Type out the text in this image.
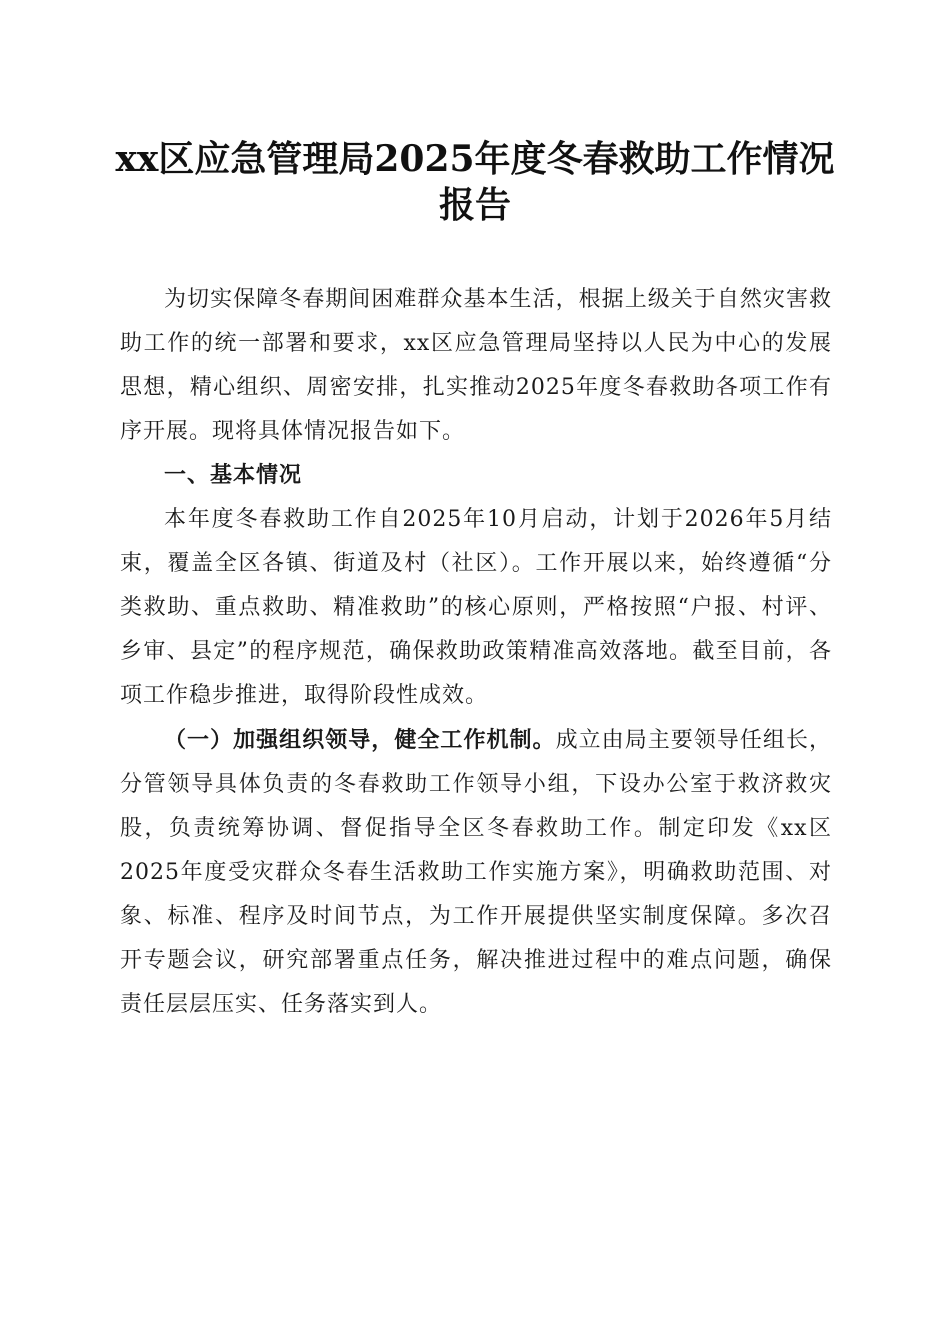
xx区应急管理局2025年度冬春救助工作情况
报告

为切实保障冬春期间困难群众基本生活，根据上级关于自然灾害救助工作的统一部署和要求，xx区应急管理局坚持以人民为中心的发展思想，精心组织、周密安排，扎实推动2025年度冬春救助各项工作有序开展。现将具体情况报告如下。

一、基本情况

本年度冬春救助工作自2025年10月启动，计划于2026年5月结束，覆盖全区各镇、街道及村（社区）。工作开展以来，始终遵循“分类救助、重点救助、精准救助”的核心原则，严格按照“户报、村评、乡审、县定”的程序规范，确保救助政策精准高效落地。截至目前，各项工作稳步推进，取得阶段性成效。

（一）加强组织领导，健全工作机制。成立由局主要领导任组长，分管领导具体负责的冬春救助工作领导小组，下设办公室于救济救灾股，负责统筹协调、督促指导全区冬春救助工作。制定印发《xx区2025年度受灾群众冬春生活救助工作实施方案》，明确救助范围、对象、标准、程序及时间节点，为工作开展提供坚实制度保障。多次召开专题会议，研究部署重点任务，解决推进过程中的难点问题，确保责任层层压实、任务落实到人。
